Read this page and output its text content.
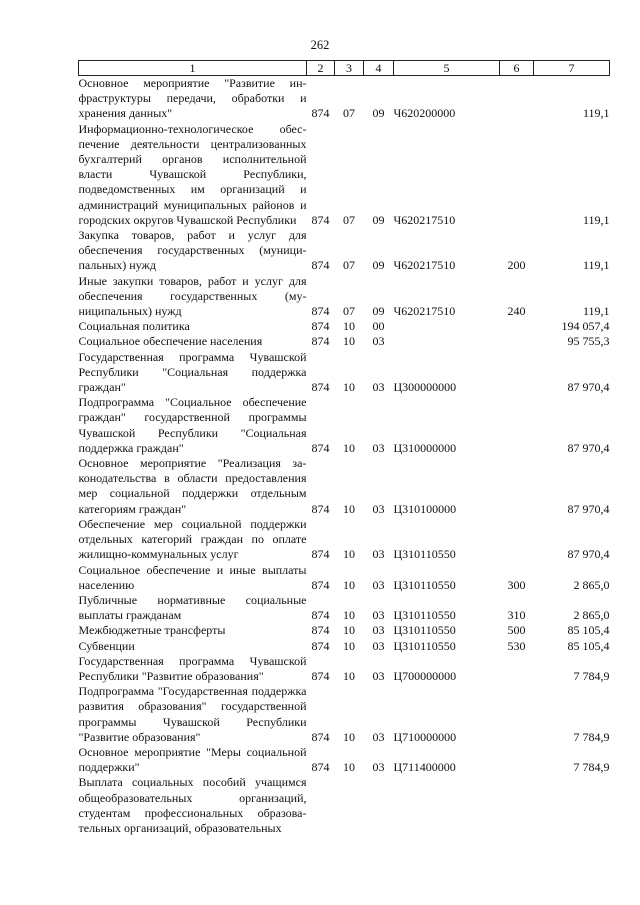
262
1	2	3	4	5	6	7
Основное мероприятие "Развитие инфраструктуры передачи, обработки и хранения данных"	874	07	09	Ч620200000		119,1
Информационно-технологическое обеспечение деятельности централизованных бухгалтерий органов исполнительной власти Чувашской Республики, подведомственных им организаций и администраций муниципальных районов и городских округов Чувашской Республики	874	07	09	Ч620217510		119,1
Закупка товаров, работ и услуг для обеспечения государственных (муниципальных) нужд	874	07	09	Ч620217510	200	119,1
Иные закупки товаров, работ и услуг для обеспечения государственных (муниципальных) нужд	874	07	09	Ч620217510	240	119,1
Социальная политика	874	10	00			194 057,4
Социальное обеспечение населения	874	10	03			95 755,3
Государственная программа Чувашской Республики "Социальная поддержка граждан"	874	10	03	Ц300000000		87 970,4
Подпрограмма "Социальное обеспечение граждан" государственной программы Чувашской Республики "Социальная поддержка граждан"	874	10	03	Ц310000000		87 970,4
Основное мероприятие "Реализация законодательства в области предоставления мер социальной поддержки отдельным категориям граждан"	874	10	03	Ц310100000		87 970,4
Обеспечение мер социальной поддержки отдельных категорий граждан по оплате жилищно-коммунальных услуг	874	10	03	Ц310110550		87 970,4
Социальное обеспечение и иные выплаты населению	874	10	03	Ц310110550	300	2 865,0
Публичные нормативные социальные выплаты гражданам	874	10	03	Ц310110550	310	2 865,0
Межбюджетные трансферты	874	10	03	Ц310110550	500	85 105,4
Субвенции	874	10	03	Ц310110550	530	85 105,4
Государственная программа Чувашской Республики "Развитие образования"	874	10	03	Ц700000000		7 784,9
Подпрограмма "Государственная поддержка развития образования" государственной программы Чувашской Республики "Развитие образования"	874	10	03	Ц710000000		7 784,9
Основное мероприятие "Меры социальной поддержки"	874	10	03	Ц711400000		7 784,9
Выплата социальных пособий учащимся общеобразовательных организаций, студентам профессиональных образовательных организаций, образовательных						
